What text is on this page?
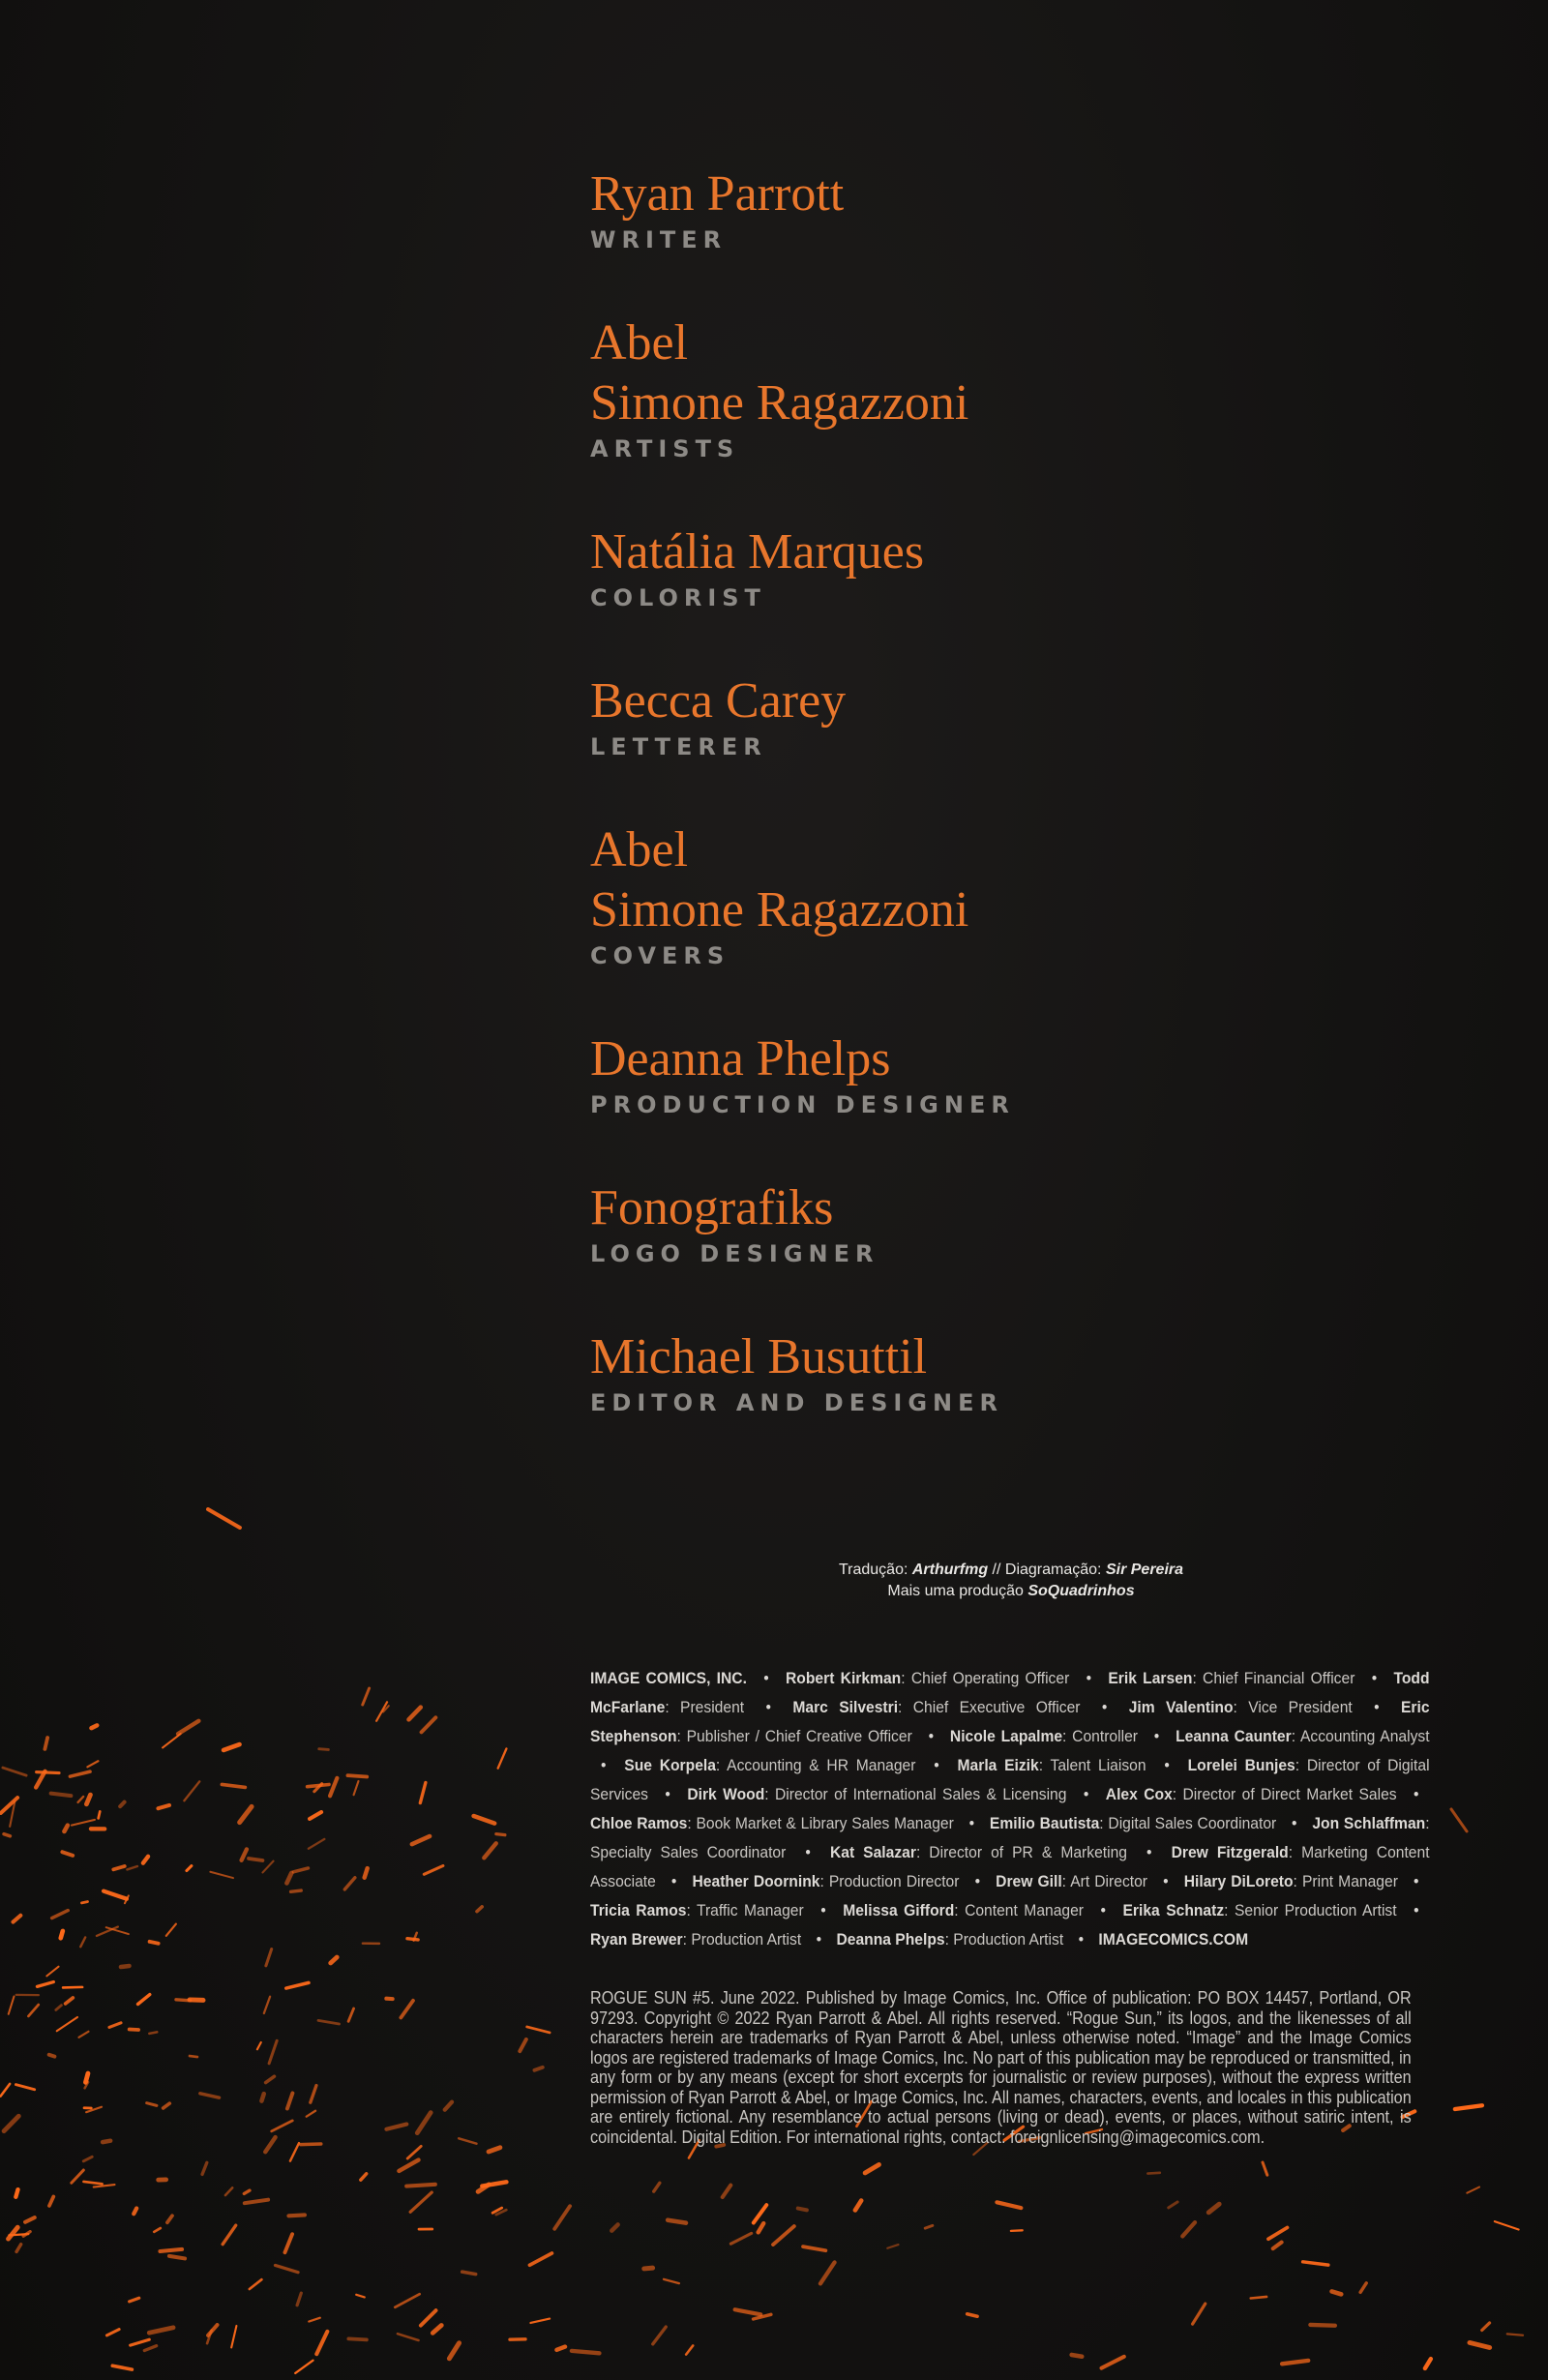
Ryan Parrott
WRITER
Abel
Simone Ragazzoni
ARTISTS
Natália Marques
COLORIST
Becca Carey
LETTERER
Abel
Simone Ragazzoni
COVERS
Deanna Phelps
PRODUCTION DESIGNER
Fonografiks
LOGO DESIGNER
Michael Busuttil
EDITOR AND DESIGNER
Tradução: Arthurfmg // Diagramação: Sir Pereira
Mais uma produção SoQuadrinhos
IMAGE COMICS, INC. • Robert Kirkman: Chief Operating Officer • Erik Larsen: Chief Financial Officer • Todd McFarlane: President • Marc Silvestri: Chief Executive Officer • Jim Valentino: Vice President • Eric Stephenson: Publisher / Chief Creative Officer • Nicole Lapalme: Controller • Leanna Caunter: Accounting Analyst • Sue Korpela: Accounting & HR Manager • Marla Eizik: Talent Liaison • Lorelei Bunjes: Director of Digital Services • Dirk Wood: Director of International Sales & Licensing • Alex Cox: Director of Direct Market Sales • Chloe Ramos: Book Market & Library Sales Manager • Emilio Bautista: Digital Sales Coordinator • Jon Schlaffman: Specialty Sales Coordinator • Kat Salazar: Director of PR & Marketing • Drew Fitzgerald: Marketing Content Associate • Heather Doornink: Production Director • Drew Gill: Art Director • Hilary DiLoreto: Print Manager • Tricia Ramos: Traffic Manager • Melissa Gifford: Content Manager • Erika Schnatz: Senior Production Artist • Ryan Brewer: Production Artist • Deanna Phelps: Production Artist • IMAGECOMICS.COM
ROGUE SUN #5. June 2022. Published by Image Comics, Inc. Office of publication: PO BOX 14457, Portland, OR 97293. Copyright © 2022 Ryan Parrott & Abel. All rights reserved. “Rogue Sun,” its logos, and the likenesses of all characters herein are trademarks of Ryan Parrott & Abel, unless otherwise noted. “Image” and the Image Comics logos are registered trademarks of Image Comics, Inc. No part of this publication may be reproduced or transmitted, in any form or by any means (except for short excerpts for journalistic or review purposes), without the express written permission of Ryan Parrott & Abel, or Image Comics, Inc. All names, characters, events, and locales in this publication are entirely fictional. Any resemblance to actual persons (living or dead), events, or places, without satiric intent, is coincidental. Digital Edition. For international rights, contact: foreignlicensing@imagecomics.com.
